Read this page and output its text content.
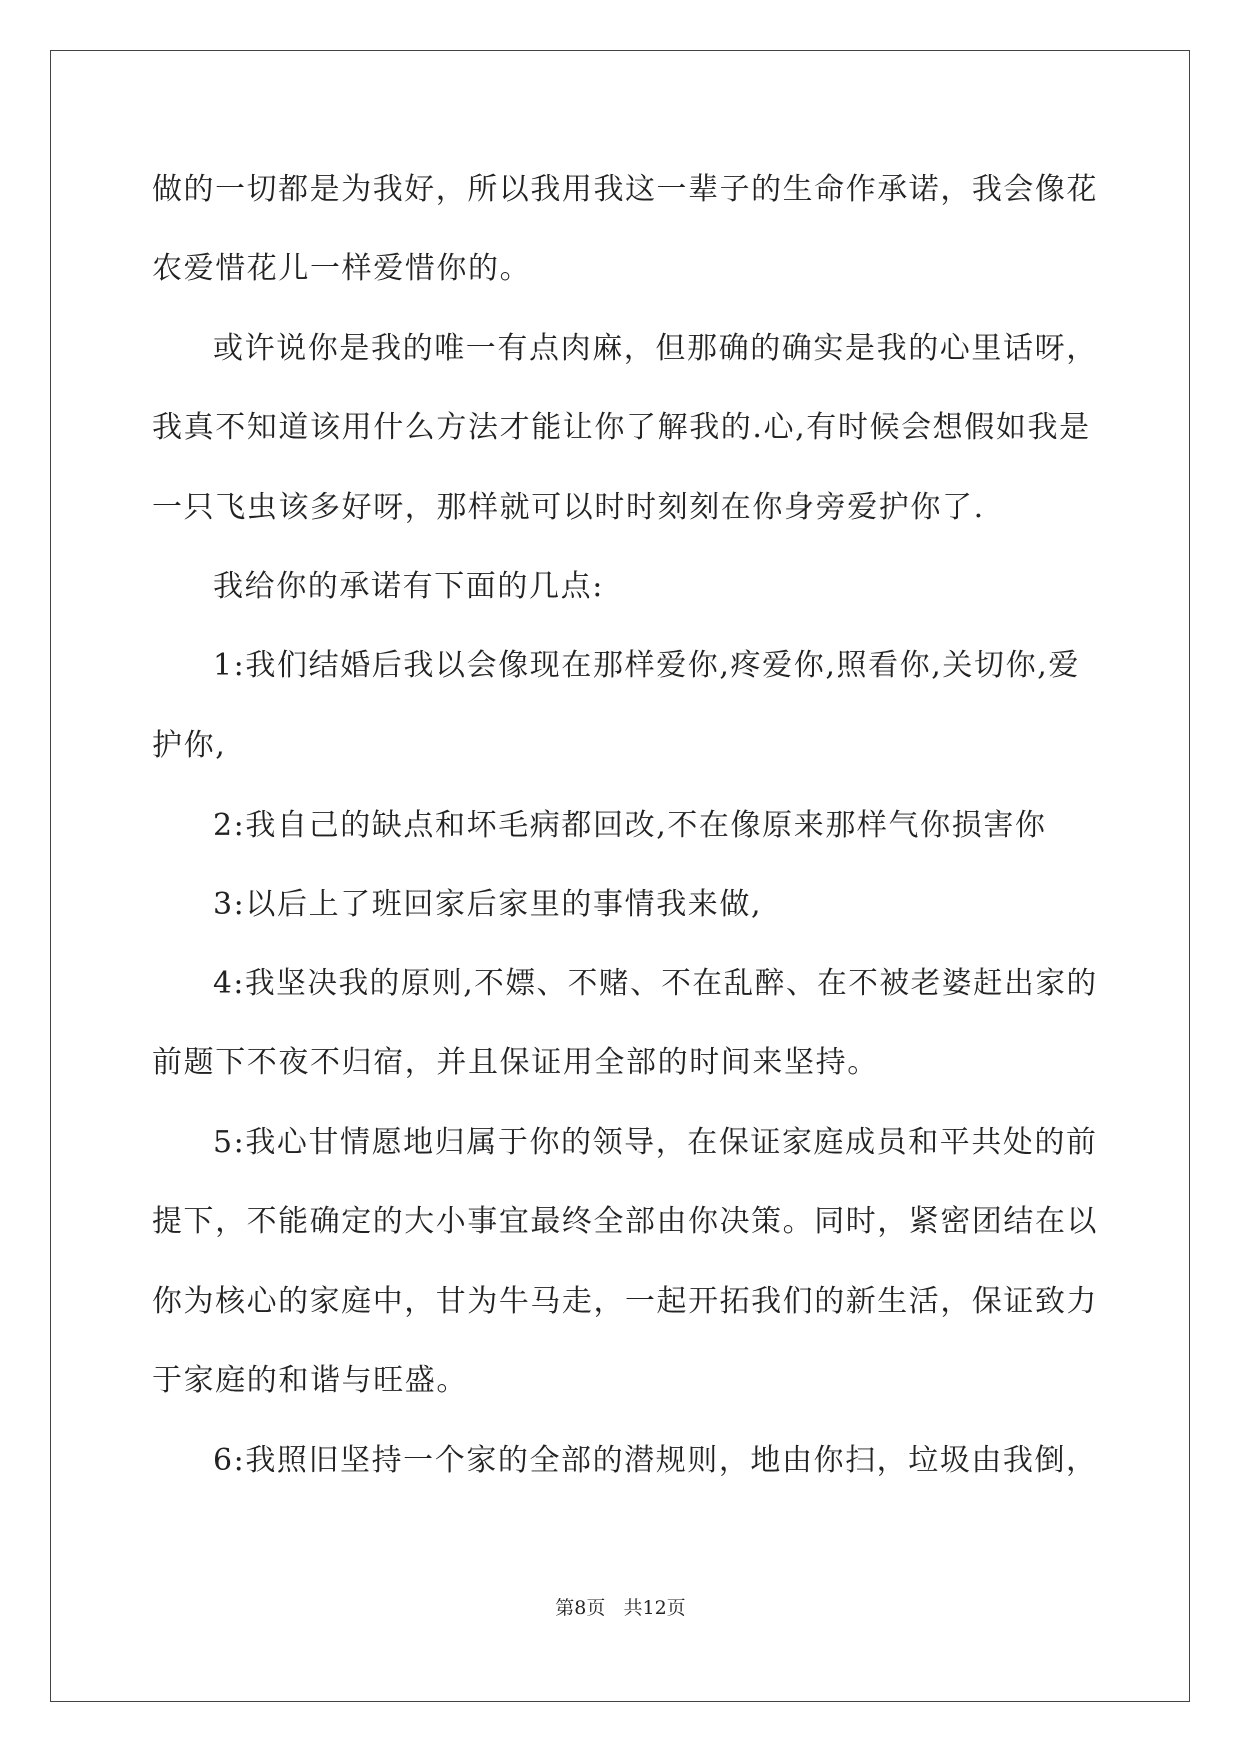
做的一切都是为我好，所以我用我这一辈子的生命作承诺，我会像花
农爱惜花儿一样爱惜你的。
或许说你是我的唯一有点肉麻，但那确的确实是我的心里话呀，
我真不知道该用什么方法才能让你了解我的.心,有时候会想假如我是
一只飞虫该多好呀，那样就可以时时刻刻在你身旁爱护你了.
我给你的承诺有下面的几点:
1:我们结婚后我以会像现在那样爱你,疼爱你,照看你,关切你,爱
护你,
2:我自己的缺点和坏毛病都回改,不在像原来那样气你损害你
3:以后上了班回家后家里的事情我来做,
4:我坚决我的原则,不嫖、不赌、不在乱醉、在不被老婆赶出家的
前题下不夜不归宿，并且保证用全部的时间来坚持。
5:我心甘情愿地归属于你的领导，在保证家庭成员和平共处的前
提下，不能确定的大小事宜最终全部由你决策。同时，紧密团结在以
你为核心的家庭中，甘为牛马走，一起开拓我们的新生活，保证致力
于家庭的和谐与旺盛。
6:我照旧坚持一个家的全部的潜规则，地由你扫，垃圾由我倒，
第8页   共12页
